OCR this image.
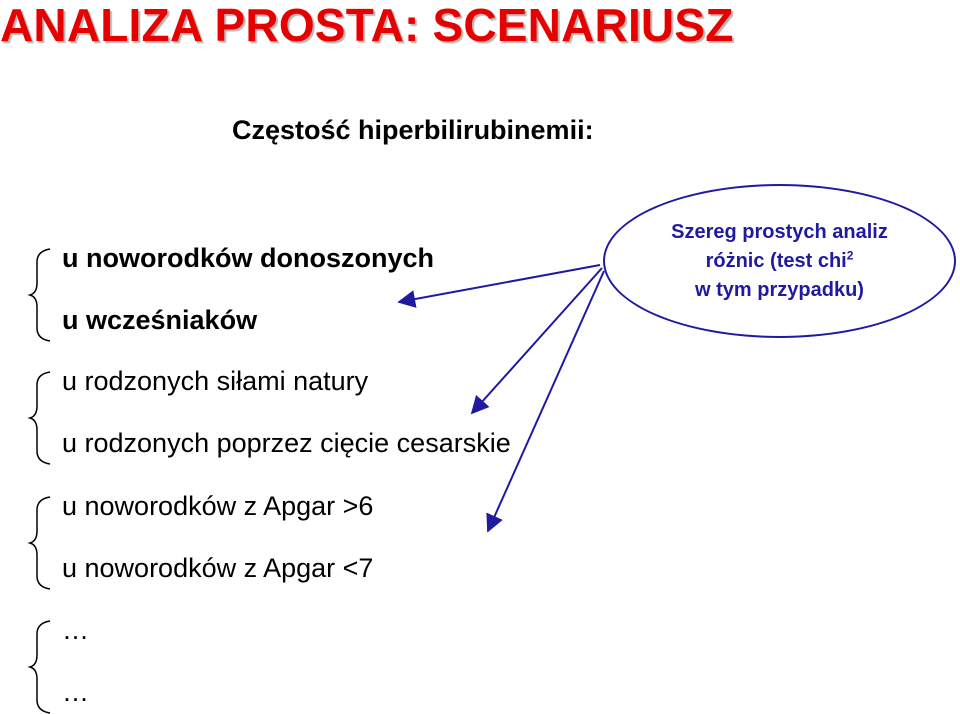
ANALIZA PROSTA: SCENARIUSZ
Częstość hiperbilirubinemii:
u noworodków donoszonych
u wcześniaków
u rodzonych siłami natury
u rodzonych poprzez cięcie cesarskie
u noworodków z Apgar >6
u noworodków z Apgar <7
…
…
Szereg prostych analiz
różnic (test chi$^2$
w tym przypadku)
